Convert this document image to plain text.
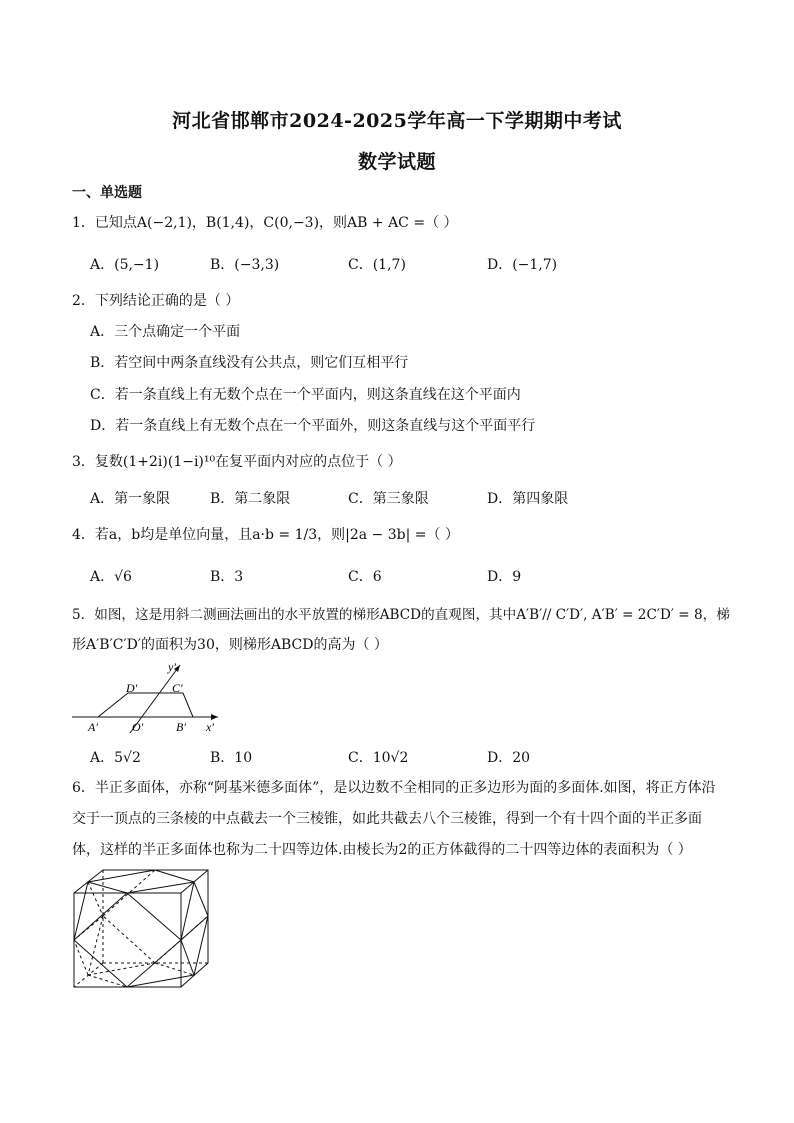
河北省邯郸市2024-2025学年高一下学期期中考试
数学试题
一、单选题
1．已知点A(−2,1)，B(1,4)，C(0,−3)，则AB + AC =（ ）
A．(5,−1)	B．(−3,3)	C．(1,7)	D．(−1,7)
2．下列结论正确的是（ ）
A．三个点确定一个平面
B．若空间中两条直线没有公共点，则它们互相平行
C．若一条直线上有无数个点在一个平面内，则这条直线在这个平面内
D．若一条直线上有无数个点在一个平面外，则这条直线与这个平面平行
3．复数(1+2i)(1−i)¹⁰在复平面内对应的点位于（ ）
A．第一象限	B．第二象限	C．第三象限	D．第四象限
4．若a，b均是单位向量，且a·b = 1/3，则|2a − 3b| =（ ）
A．√6	B．3	C．6	D．9
5．如图，这是用斜二测画法画出的水平放置的梯形ABCD的直观图，其中A′B′// C′D′, A′B′ = 2C′D′ = 8，梯
形A′B′C′D′的面积为30，则梯形ABCD的高为（ ）
y′
x′
A′	B′
C′
D′
O′
A．5√2	B．10	C．10√2	D．20
6．半正多面体，亦称“阿基米德多面体”，是以边数不全相同的正多边形为面的多面体.如图，将正方体沿交于一顶点的三条棱的中点截去一个三棱锥，如此共截去八个三棱锥，得到一个有十四个面的半正多面体，这样的半正多面体也称为二十四等边体.由棱长为2的正方体截得的二十四等边体的表面积为（ ）
